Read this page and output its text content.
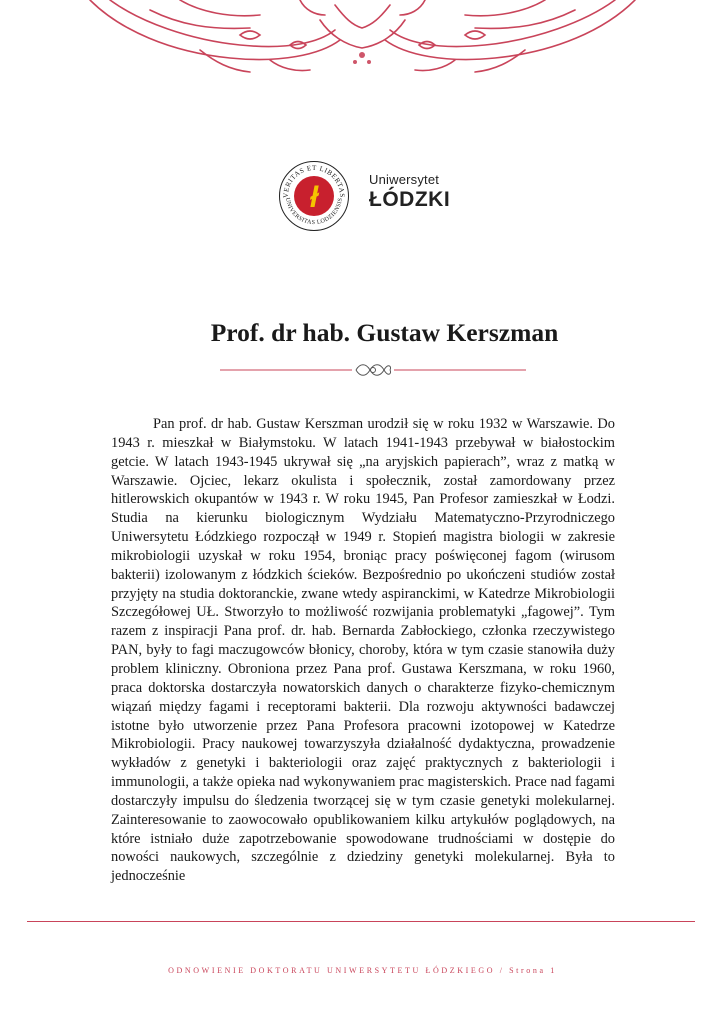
VERITAS ET LIBERTAS
UNIVERSITAS LODZIENSIS
ł
Uniwersytet
ŁÓDZKI
Prof. dr hab. Gustaw Kerszman

Pan prof. dr hab. Gustaw Kerszman urodził się w roku 1932 w Warszawie. Do 1943 r. mieszkał w Białymstoku. W latach 1941-1943 przebywał w białostockim getcie. W latach 1943-1945 ukrywał się „na aryjskich papierach”, wraz z matką w Warszawie. Ojciec, lekarz okulista i społecznik, został zamordowany przez hitlerowskich okupantów w 1943 r. W roku 1945, Pan Profesor zamieszkał w Łodzi. Studia na kierunku biologicznym Wydziału Matematyczno-Przyrodniczego Uniwersytetu Łódzkiego rozpoczął w 1949 r. Stopień magistra biologii w zakresie mikrobiologii uzyskał w roku 1954, broniąc pracy poświęconej fagom (wirusom bakterii) izolowanym z łódzkich ścieków. Bezpośrednio po ukończeni studiów został przyjęty na studia doktoranckie, zwane wtedy aspiranckimi, w Katedrze Mikrobiologii Szczegółowej UŁ. Stworzyło to możliwość rozwijania problematyki „fagowej”. Tym razem z inspiracji Pana prof. dr. hab. Bernarda Zabłockiego, członka rzeczywistego PAN, były to fagi maczugowców błonicy, choroby, która w tym czasie stanowiła duży problem kliniczny. Obroniona przez Pana prof. Gustawa Kerszmana, w roku 1960, praca doktorska dostarczyła nowatorskich danych o charakterze fizyko-chemicznym wiązań między fagami i receptorami bakterii. Dla rozwoju aktywności badawczej istotne było utworzenie przez Pana Profesora pracowni izotopowej w Katedrze Mikrobiologii. Pracy naukowej towarzyszyła działalność dydaktyczna, prowadzenie wykładów z genetyki i bakteriologii oraz zajęć praktycznych z bakteriologii i immunologii, a także opieka nad wykonywaniem prac magisterskich. Prace nad fagami dostarczyły impulsu do śledzenia tworzącej się w tym czasie genetyki molekularnej. Zainteresowanie to zaowocowało opublikowaniem kilku artykułów poglądowych, na które istniało duże zapotrzebowanie spowodowane trudnościami w dostępie do nowości naukowych, szczególnie z dziedziny genetyki molekularnej. Była to jednocześnie

ODNOWIENIE DOKTORATU UNIWERSYTETU ŁÓDZKIEGO / Strona 1
